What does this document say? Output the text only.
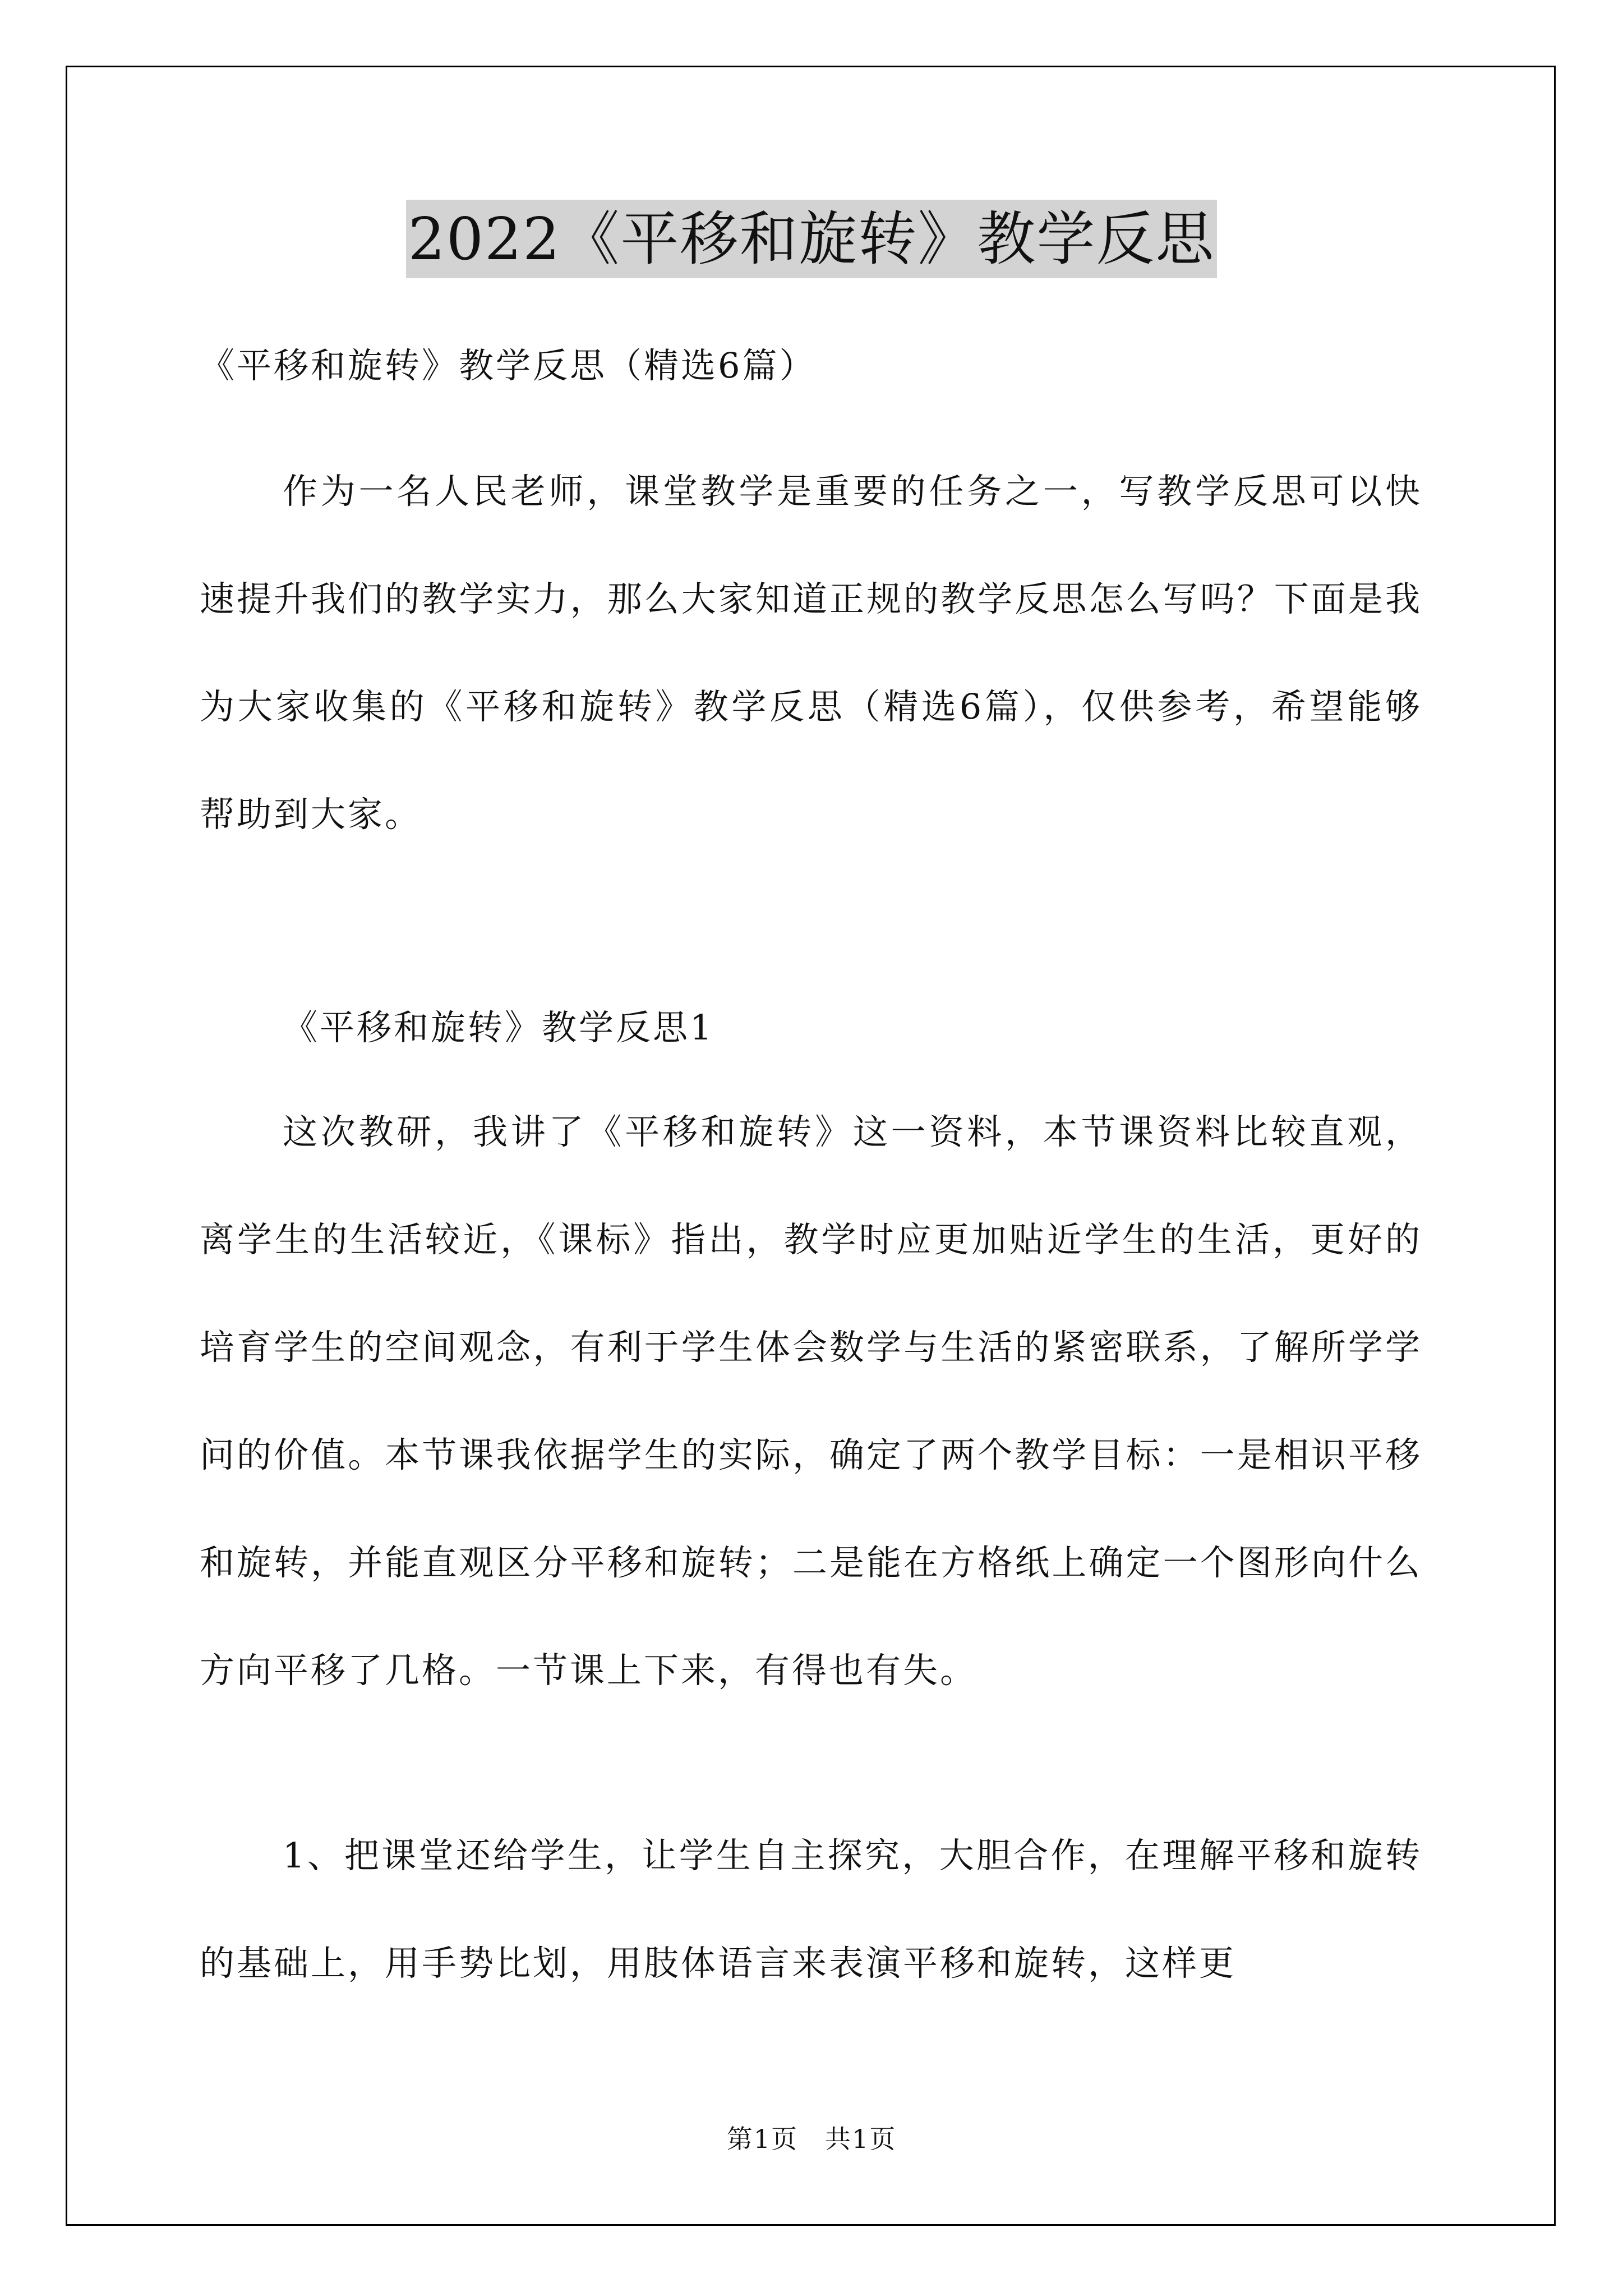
2022《平移和旋转》教学反思

《平移和旋转》教学反思（精选6篇）

作为一名人民老师，课堂教学是重要的任务之一，写教学反思可以快速提升我们的教学实力，那么大家知道正规的教学反思怎么写吗？下面是我为大家收集的《平移和旋转》教学反思（精选6篇），仅供参考，希望能够帮助到大家。

《平移和旋转》教学反思1

这次教研，我讲了《平移和旋转》这一资料，本节课资料比较直观，离学生的生活较近，《课标》指出，教学时应更加贴近学生的生活，更好的培育学生的空间观念，有利于学生体会数学与生活的紧密联系，了解所学学问的价值。本节课我依据学生的实际，确定了两个教学目标：一是相识平移和旋转，并能直观区分平移和旋转；二是能在方格纸上确定一个图形向什么方向平移了几格。一节课上下来，有得也有失。

1、把课堂还给学生，让学生自主探究，大胆合作，在理解平移和旋转的基础上，用手势比划，用肢体语言来表演平移和旋转，这样更

第1页　共1页
